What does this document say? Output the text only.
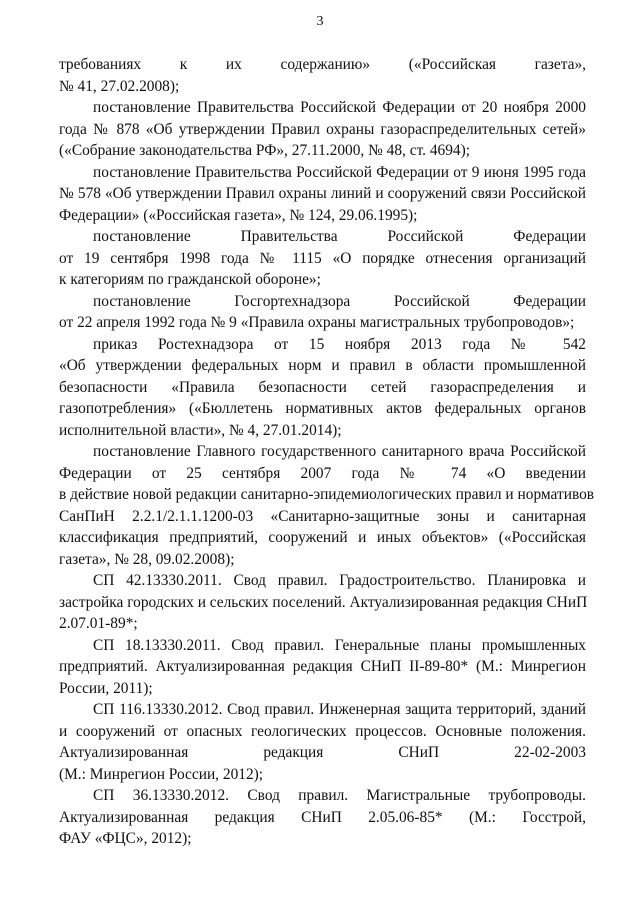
3
требованиях к их содержанию» («Российская газета»,
№ 41, 27.02.2008);
постановление Правительства Российской Федерации от 20 ноября 2000
года № 878 «Об утверждении Правил охраны газораспределительных сетей»
(«Собрание законодательства РФ», 27.11.2000, № 48, ст. 4694);
постановление Правительства Российской Федерации от 9 июня 1995 года
№ 578 «Об утверждении Правил охраны линий и сооружений связи Российской
Федерации» («Российская газета», № 124, 29.06.1995);
постановление Правительства Российской Федерации
от 19 сентября 1998 года № 1115 «О порядке отнесения организаций
к категориям по гражданской обороне»;
постановление Госгортехнадзора Российской Федерации
от 22 апреля 1992 года № 9 «Правила охраны магистральных трубопроводов»;
приказ Ростехнадзора от 15 ноября 2013 года № 542
«Об утверждении федеральных норм и правил в области промышленной
безопасности «Правила безопасности сетей газораспределения и
газопотребления» («Бюллетень нормативных актов федеральных органов
исполнительной власти», № 4, 27.01.2014);
постановление Главного государственного санитарного врача Российской
Федерации от 25 сентября 2007 года № 74 «О введении
в действие новой редакции санитарно-эпидемиологических правил и нормативов
СанПиН 2.2.1/2.1.1.1200-03 «Санитарно-защитные зоны и санитарная
классификация предприятий, сооружений и иных объектов» («Российская
газета», № 28, 09.02.2008);
СП 42.13330.2011. Свод правил. Градостроительство. Планировка и
застройка городских и сельских поселений. Актуализированная редакция СНиП
2.07.01-89*;
СП 18.13330.2011. Свод правил. Генеральные планы промышленных
предприятий. Актуализированная редакция СНиП II-89-80* (М.: Минрегион
России, 2011);
СП 116.13330.2012. Свод правил. Инженерная защита территорий, зданий
и сооружений от опасных геологических процессов. Основные положения.
Актуализированная редакция СНиП 22-02-2003
(М.: Минрегион России, 2012);
СП 36.13330.2012. Свод правил. Магистральные трубопроводы.
Актуализированная редакция СНиП 2.05.06-85* (М.: Госстрой,
ФАУ «ФЦС», 2012);
